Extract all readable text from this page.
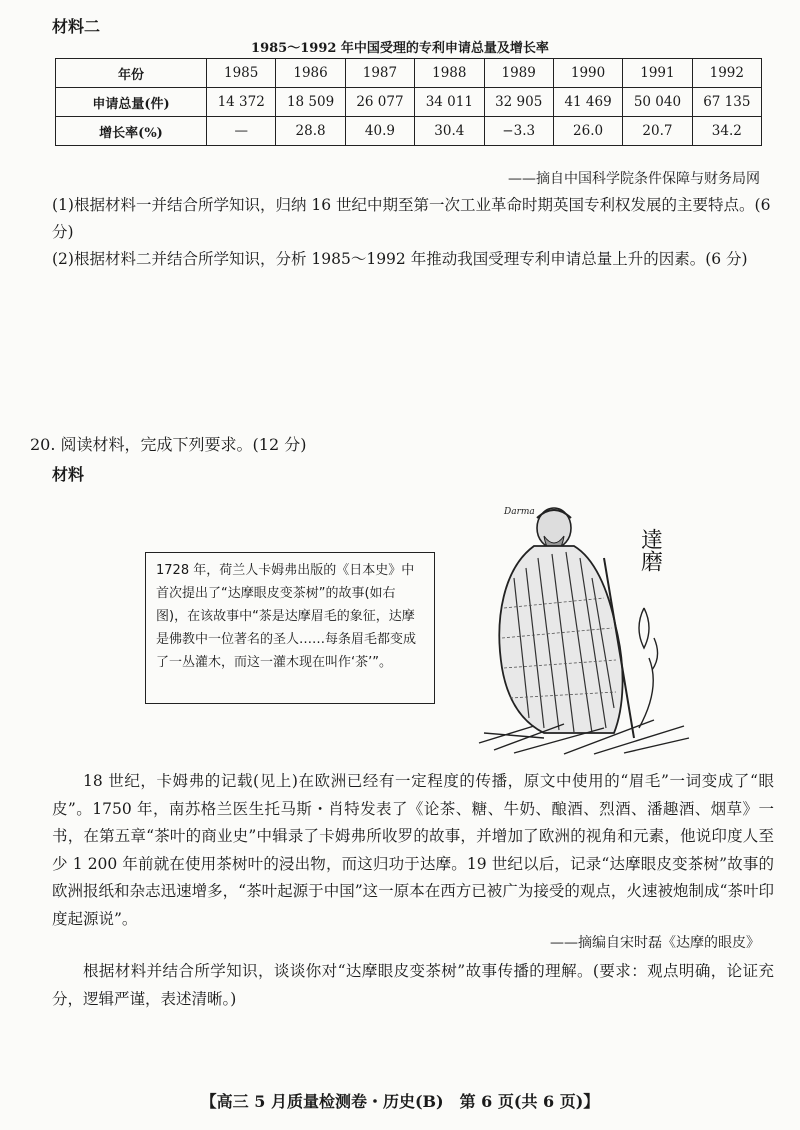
材料二
1985～1992 年中国受理的专利申请总量及增长率
年份	1985	1986	1987	1988	1989	1990	1991	1992
申请总量(件)	14 372	18 509	26 077	34 011	32 905	41 469	50 040	67 135
增长率(%)	—	28.8	40.9	30.4	−3.3	26.0	20.7	34.2
——摘自中国科学院条件保障与财务局网
(1)根据材料一并结合所学知识，归纳 16 世纪中期至第一次工业革命时期英国专利权发展的主要特点。(6 分)
(2)根据材料二并结合所学知识，分析 1985～1992 年推动我国受理专利申请总量上升的因素。(6 分)
20. 阅读材料，完成下列要求。(12 分)
材料
1728 年，荷兰人卡姆弗出版的《日本史》中首次提出了“达摩眼皮变茶树”的故事(如右图)，在该故事中“茶是达摩眉毛的象征，达摩是佛教中一位著名的圣人……每条眉毛都变成了一丛灌木，而这一灌木现在叫作‘茶’”。
Darma
達磨
18 世纪，卡姆弗的记载(见上)在欧洲已经有一定程度的传播，原文中使用的“眉毛”一词变成了“眼皮”。1750 年，南苏格兰医生托马斯・肖特发表了《论茶、糖、牛奶、酿酒、烈酒、潘趣酒、烟草》一书，在第五章“茶叶的商业史”中辑录了卡姆弗所收罗的故事，并增加了欧洲的视角和元素，他说印度人至少 1 200 年前就在使用茶树叶的浸出物，而这归功于达摩。19 世纪以后，记录“达摩眼皮变茶树”故事的欧洲报纸和杂志迅速增多，“茶叶起源于中国”这一原本在西方已被广为接受的观点，火速被炮制成“茶叶印度起源说”。
——摘编自宋时磊《达摩的眼皮》
根据材料并结合所学知识，谈谈你对“达摩眼皮变茶树”故事传播的理解。(要求：观点明确，论证充分，逻辑严谨，表述清晰。)
【高三 5 月质量检测卷・历史(B)　第 6 页(共 6 页)】
